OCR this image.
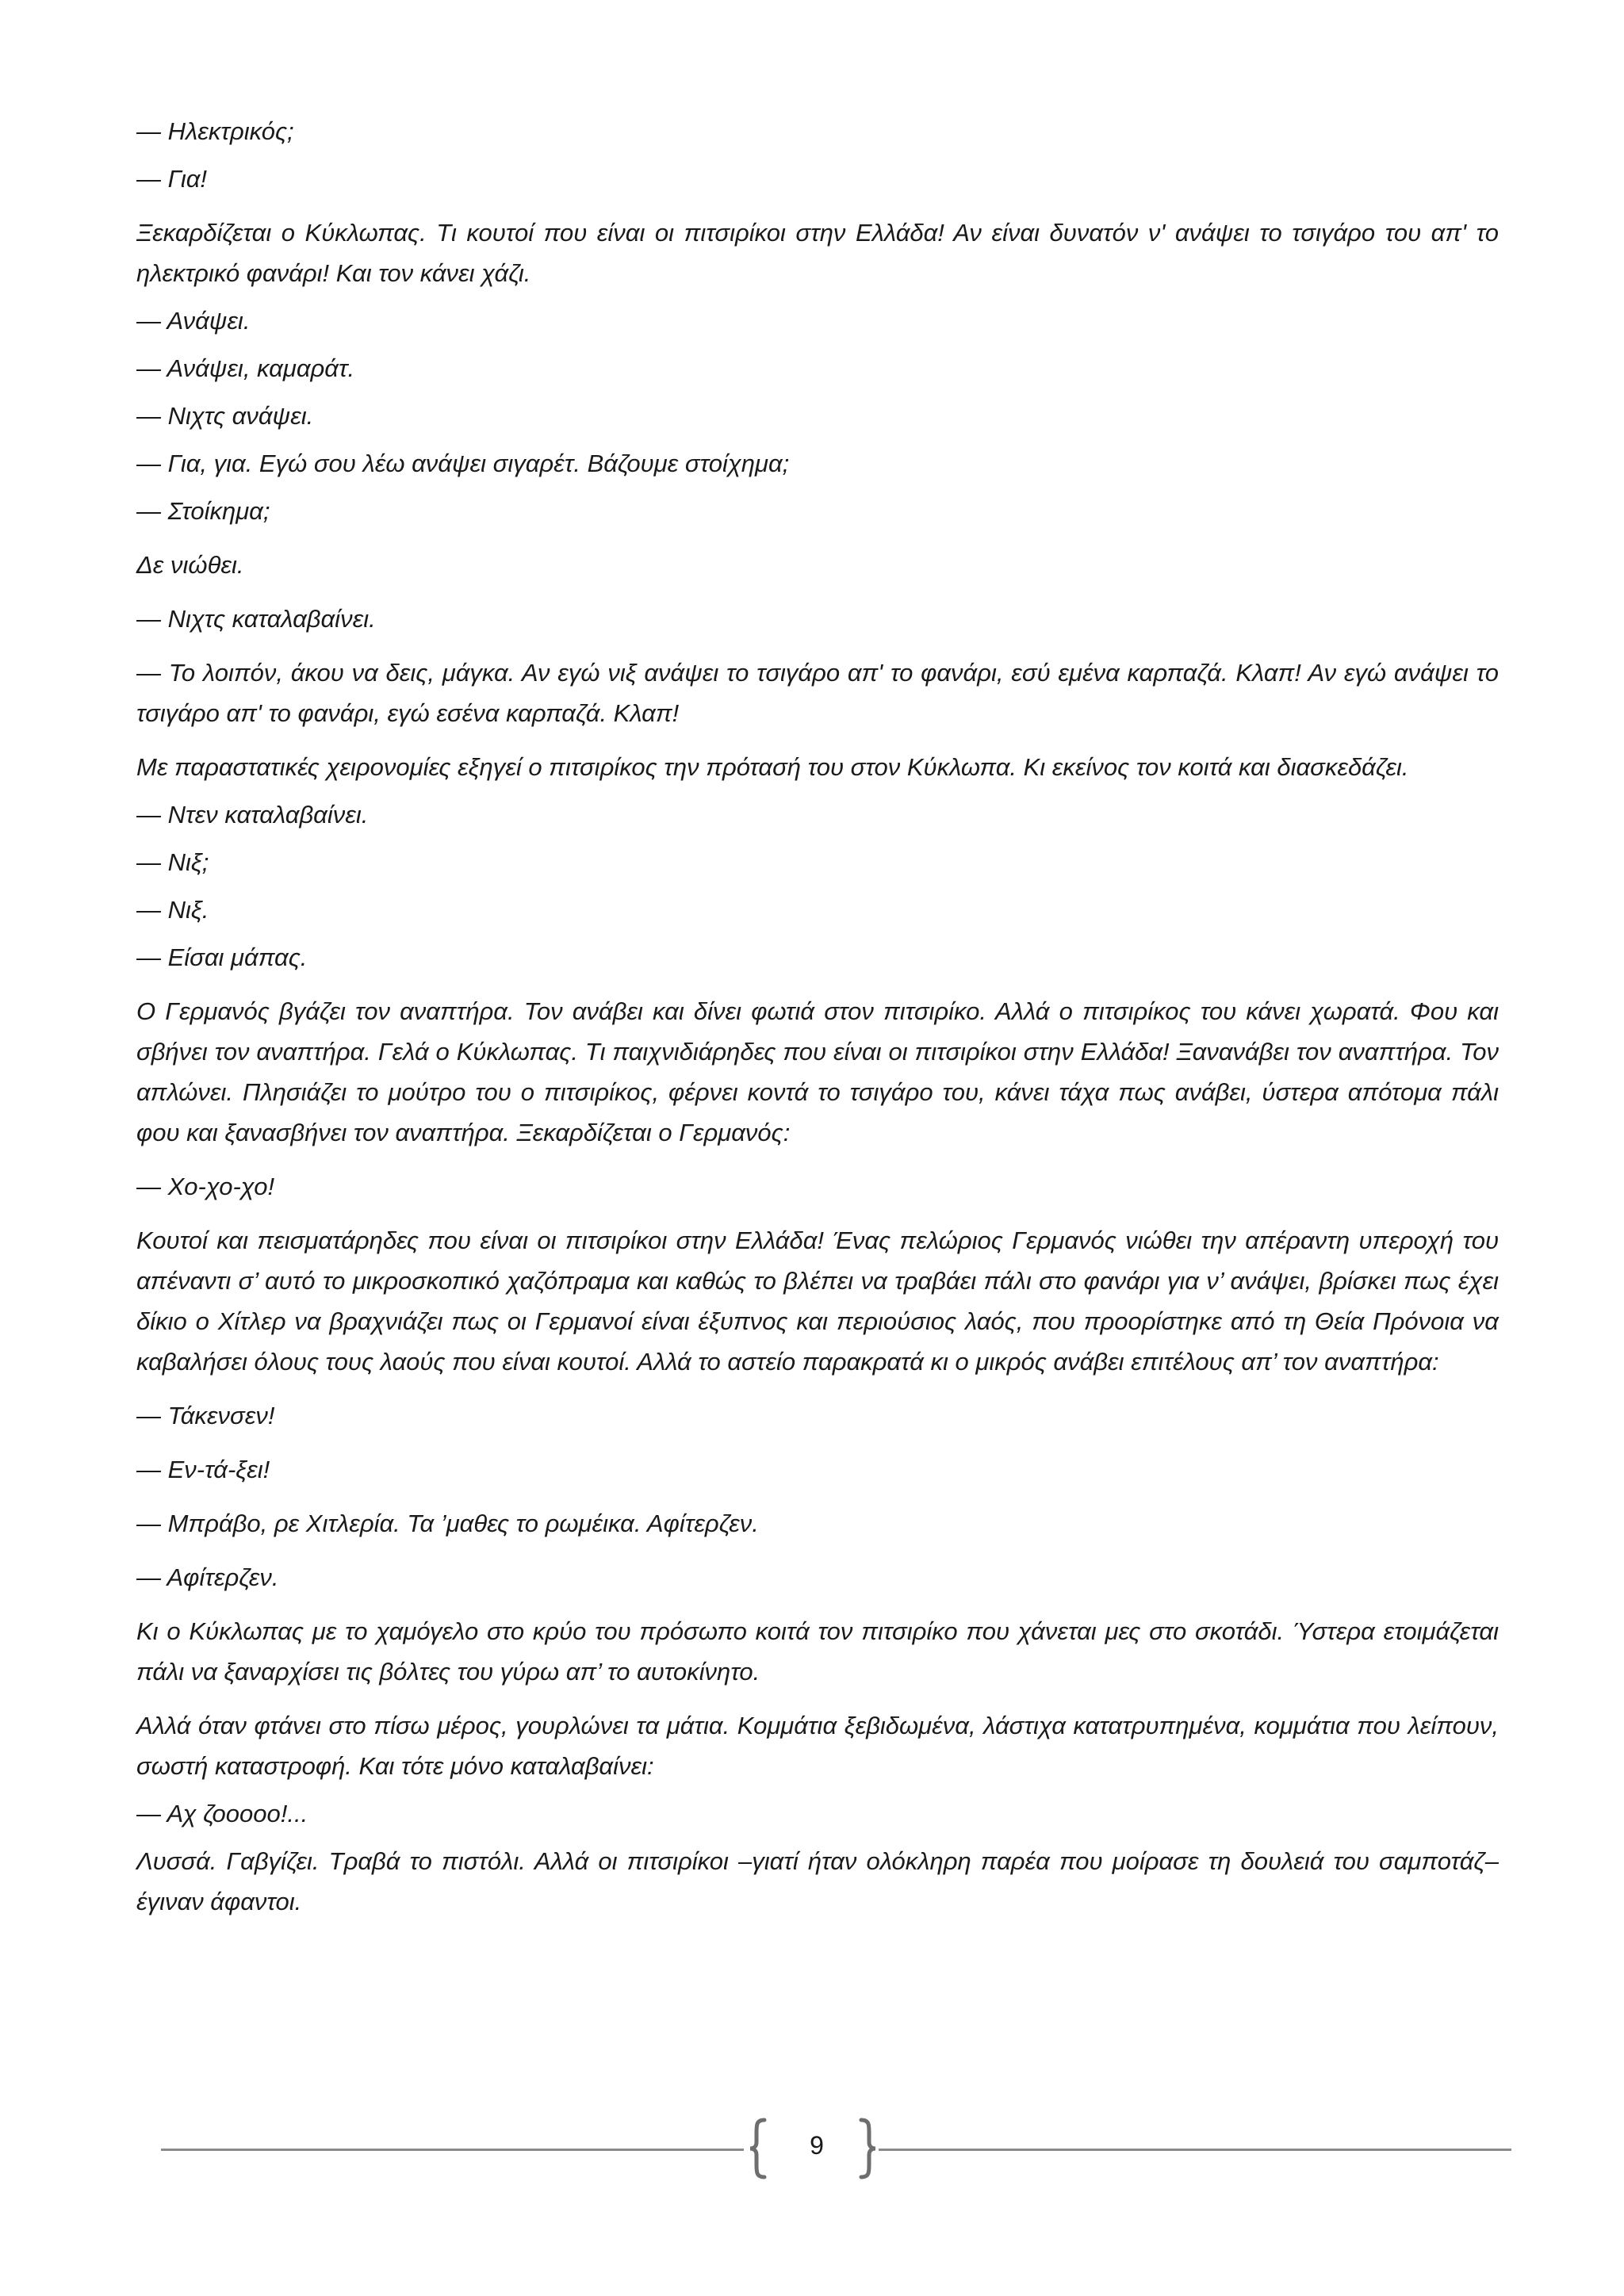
— Ηλεκτρικός;

— Για!

Ξεκαρδίζεται ο Κύκλωπας. Τι κουτοί που είναι οι πιτσιρίκοι στην Ελλάδα! Αν είναι δυνατόν ν' ανάψει το τσιγάρο του απ' το ηλεκτρικό φανάρι! Και τον κάνει χάζι.

— Ανάψει.

— Ανάψει, καμαράτ.

— Νιχτς ανάψει.

— Για, για. Εγώ σου λέω ανάψει σιγαρέτ. Βάζουμε στοίχημα;

— Στοίκημα;

Δε νιώθει.

— Νιχτς καταλαβαίνει.

— Το λοιπόν, άκου να δεις, μάγκα. Αν εγώ νιξ ανάψει το τσιγάρο απ' το φανάρι, εσύ εμένα καρπαζά. Κλαπ! Αν εγώ ανάψει το τσιγάρο απ' το φανάρι, εγώ εσένα καρπαζά. Κλαπ!

Με παραστατικές χειρονομίες εξηγεί ο πιτσιρίκος την πρότασή του στον Κύκλωπα. Κι εκείνος τον κοιτά και διασκεδάζει.

— Ντεν καταλαβαίνει.

— Νιξ;

— Νιξ.

— Είσαι μάπας.

Ο Γερμανός βγάζει τον αναπτήρα. Τον ανάβει και δίνει φωτιά στον πιτσιρίκο. Αλλά ο πιτσιρίκος του κάνει χωρατά. Φου και σβήνει τον αναπτήρα. Γελά ο Κύκλωπας. Τι παιχνιδιάρηδες που είναι οι πιτσιρίκοι στην Ελλάδα! Ξανανάβει τον αναπτήρα. Τον απλώνει. Πλησιάζει το μούτρο του ο πιτσιρίκος, φέρνει κοντά το τσιγάρο του, κάνει τάχα πως ανάβει, ύστερα απότομα πάλι φου και ξανασβήνει τον αναπτήρα. Ξεκαρδίζεται ο Γερμανός:

— Χο-χο-χο!

Κουτοί και πεισματάρηδες που είναι οι πιτσιρίκοι στην Ελλάδα! Ένας πελώριος Γερμανός νιώθει την απέραντη υπεροχή του απέναντι σ’ αυτό το μικροσκοπικό χαζόπραμα και καθώς το βλέπει να τραβάει πάλι στο φανάρι για ν’ ανάψει, βρίσκει πως έχει δίκιο ο Χίτλερ να βραχνιάζει πως οι Γερμανοί είναι έξυπνος και περιούσιος λαός, που προορίστηκε από τη Θεία Πρόνοια να καβαλήσει όλους τους λαούς που είναι κουτοί. Αλλά το αστείο παρακρατά κι ο μικρός ανάβει επιτέλους απ’ τον αναπτήρα:

— Τάκενσεν!

— Εν-τά-ξει!

— Μπράβο, ρε Χιτλερία. Τα ’μαθες το ρωμέικα. Αφίτερζεν.

— Αφίτερζεν.

Κι ο Κύκλωπας με το χαμόγελο στο κρύο του πρόσωπο κοιτά τον πιτσιρίκο που χάνεται μες στο σκοτάδι. Ύστερα ετοιμάζεται πάλι να ξαναρχίσει τις βόλτες του γύρω απ’ το αυτοκίνητο.

Αλλά όταν φτάνει στο πίσω μέρος, γουρλώνει τα μάτια. Κομμάτια ξεβιδωμένα, λάστιχα κατατρυπημένα, κομμάτια που λείπουν, σωστή καταστροφή. Και τότε μόνο καταλαβαίνει:

— Αχ ζοοooo!...

Λυσσά. Γαβγίζει. Τραβά το πιστόλι. Αλλά οι πιτσιρίκοι –γιατί ήταν ολόκληρη παρέα που μοίρασε τη δουλειά του σαμποτάζ– έγιναν άφαντοι.

9
